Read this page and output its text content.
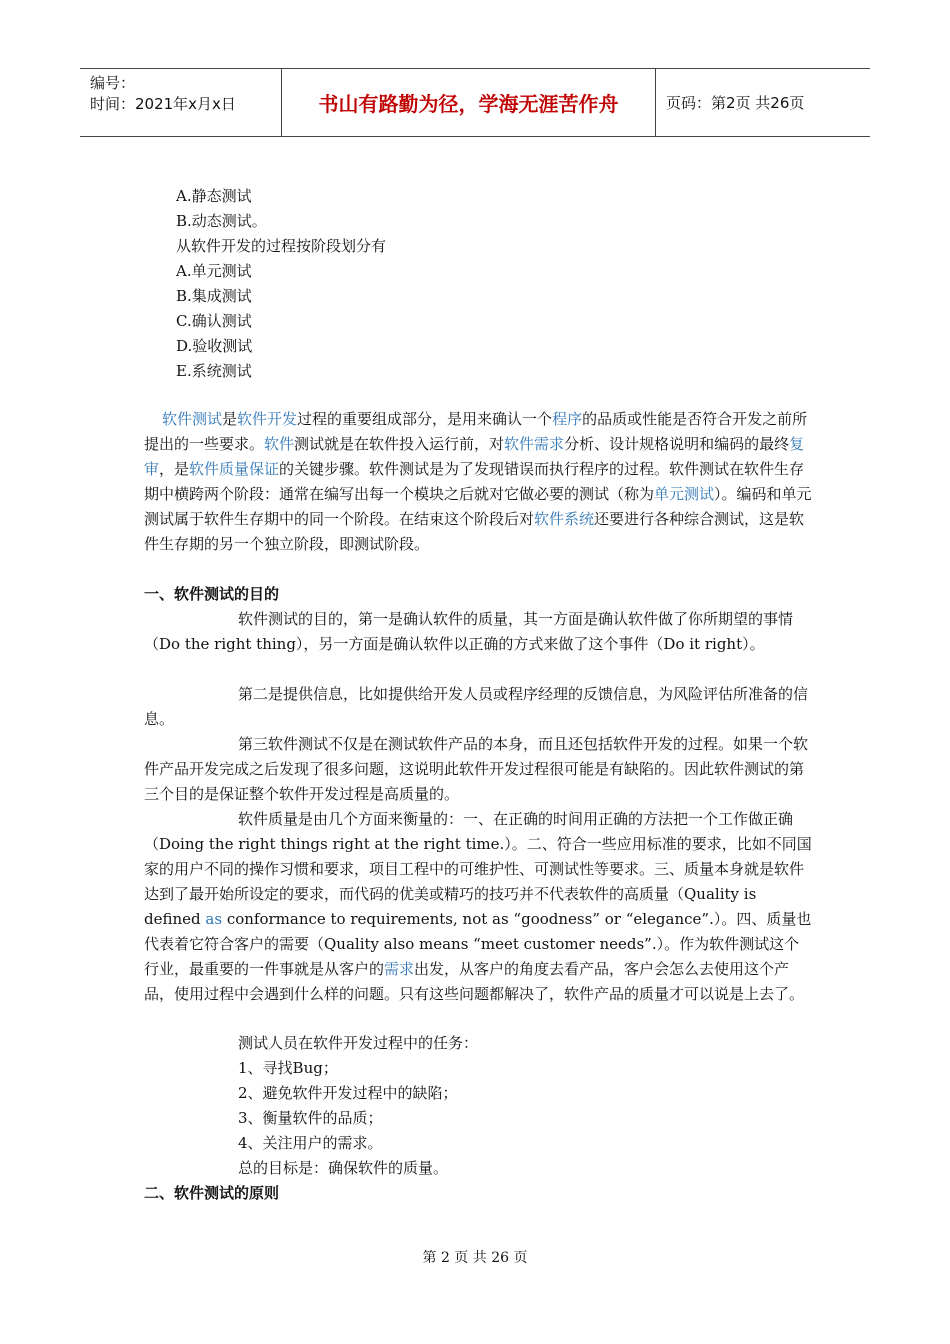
编号：
时间：2021年x月x日	书山有路勤为径，学海无涯苦作舟	页码：第2页 共26页
A.静态测试
B.动态测试。
从软件开发的过程按阶段划分有
A.单元测试
B.集成测试
C.确认测试
D.验收测试
E.系统测试

软件测试是软件开发过程的重要组成部分，是用来确认一个程序的品质或性能是否符合开发之前所提出的一些要求。软件测试就是在软件投入运行前，对软件需求分析、设计规格说明和编码的最终复审，是软件质量保证的关键步骤。软件测试是为了发现错误而执行程序的过程。软件测试在软件生存期中横跨两个阶段：通常在编写出每一个模块之后就对它做必要的测试（称为单元测试）。编码和单元测试属于软件生存期中的同一个阶段。在结束这个阶段后对软件系统还要进行各种综合测试，这是软件生存期的另一个独立阶段，即测试阶段。

一、软件测试的目的

软件测试的目的，第一是确认软件的质量，其一方面是确认软件做了你所期望的事情（Do the right thing），另一方面是确认软件以正确的方式来做了这个事件（Do it right）。

第二是提供信息，比如提供给开发人员或程序经理的反馈信息，为风险评估所准备的信息。

第三软件测试不仅是在测试软件产品的本身，而且还包括软件开发的过程。如果一个软件产品开发完成之后发现了很多问题，这说明此软件开发过程很可能是有缺陷的。因此软件测试的第三个目的是保证整个软件开发过程是高质量的。

软件质量是由几个方面来衡量的：一、在正确的时间用正确的方法把一个工作做正确（Doing the right things right at the right time.）。二、符合一些应用标准的要求，比如不同国家的用户不同的操作习惯和要求，项目工程中的可维护性、可测试性等要求。三、质量本身就是软件达到了最开始所设定的要求，而代码的优美或精巧的技巧并不代表软件的高质量（Quality is defined as conformance to requirements, not as “goodness” or “elegance”.）。四、质量也代表着它符合客户的需要（Quality also means “meet customer needs”.）。作为软件测试这个行业，最重要的一件事就是从客户的需求出发，从客户的角度去看产品，客户会怎么去使用这个产品，使用过程中会遇到什么样的问题。只有这些问题都解决了，软件产品的质量才可以说是上去了。

测试人员在软件开发过程中的任务：
1、寻找Bug；
2、避免软件开发过程中的缺陷；
3、衡量软件的品质；
4、关注用户的需求。
总的目标是：确保软件的质量。
二、软件测试的原则
第 2 页 共 26 页
